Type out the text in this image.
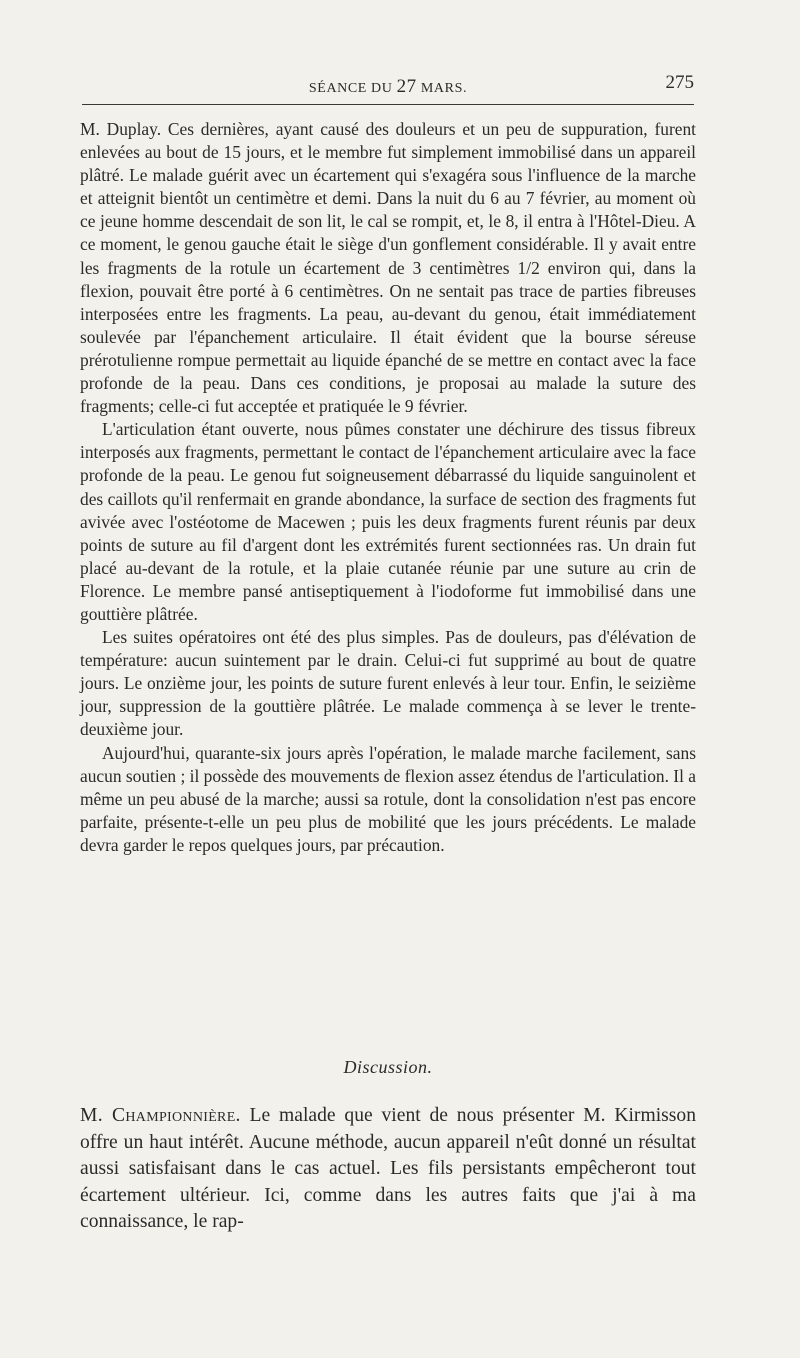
SÉANCE DU 27 MARS.	275

M. Duplay. Ces dernières, ayant causé des douleurs et un peu de suppuration, furent enlevées au bout de 15 jours, et le membre fut simplement immobilisé dans un appareil plâtré. Le malade guérit avec un écartement qui s'exagéra sous l'influence de la marche et atteignit bientôt un centimètre et demi. Dans la nuit du 6 au 7 février, au moment où ce jeune homme descendait de son lit, le cal se rompit, et, le 8, il entra à l'Hôtel-Dieu. A ce moment, le genou gauche était le siège d'un gonflement considérable. Il y avait entre les fragments de la rotule un écartement de 3 centimètres 1/2 environ qui, dans la flexion, pouvait être porté à 6 centimètres. On ne sentait pas trace de parties fibreuses interposées entre les fragments. La peau, au-devant du genou, était immédiatement soulevée par l'épanchement articulaire. Il était évident que la bourse séreuse prérotulienne rompue permettait au liquide épanché de se mettre en contact avec la face profonde de la peau. Dans ces conditions, je proposai au malade la suture des fragments; celle-ci fut acceptée et pratiquée le 9 février.

L'articulation étant ouverte, nous pûmes constater une déchirure des tissus fibreux interposés aux fragments, permettant le contact de l'épanchement articulaire avec la face profonde de la peau. Le genou fut soigneusement débarrassé du liquide sanguinolent et des caillots qu'il renfermait en grande abondance, la surface de section des fragments fut avivée avec l'ostéotome de Macewen ; puis les deux fragments furent réunis par deux points de suture au fil d'argent dont les extrémités furent sectionnées ras. Un drain fut placé au-devant de la rotule, et la plaie cutanée réunie par une suture au crin de Florence. Le membre pansé antiseptiquement à l'iodoforme fut immobilisé dans une gouttière plâtrée.

Les suites opératoires ont été des plus simples. Pas de douleurs, pas d'élévation de température: aucun suintement par le drain. Celui-ci fut supprimé au bout de quatre jours. Le onzième jour, les points de suture furent enlevés à leur tour. Enfin, le seizième jour, suppression de la gouttière plâtrée. Le malade commença à se lever le trente-deuxième jour.

Aujourd'hui, quarante-six jours après l'opération, le malade marche facilement, sans aucun soutien ; il possède des mouvements de flexion assez étendus de l'articulation. Il a même un peu abusé de la marche; aussi sa rotule, dont la consolidation n'est pas encore parfaite, présente-t-elle un peu plus de mobilité que les jours précédents. Le malade devra garder le repos quelques jours, par précaution.

Discussion.

M. Championnière. Le malade que vient de nous présenter M. Kirmisson offre un haut intérêt. Aucune méthode, aucun appareil n'eût donné un résultat aussi satisfaisant dans le cas actuel. Les fils persistants empêcheront tout écartement ultérieur. Ici, comme dans les autres faits que j'ai à ma connaissance, le rap-
